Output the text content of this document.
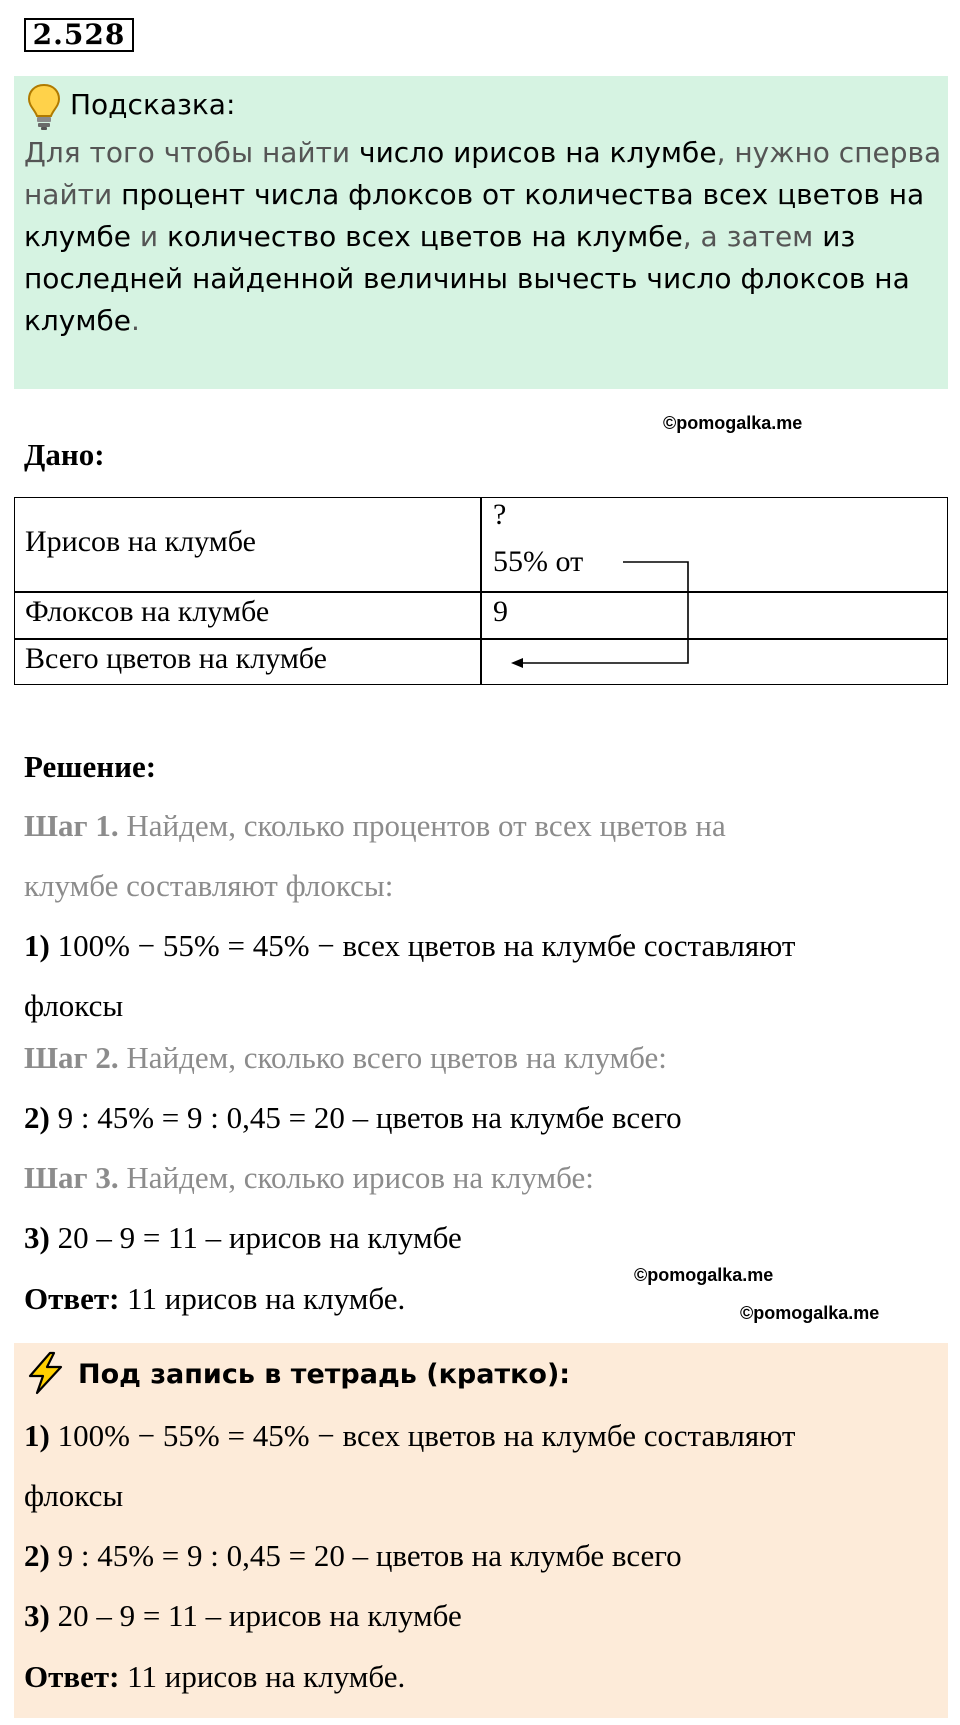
2.528
Подсказка:
Для того чтобы найти число ирисов на клумбе, нужно сперва найти процент числа флоксов от количества всех цветов на клумбе и количество всех цветов на клумбе, а затем из последней найденной величины вычесть число флоксов на клумбе.
©pomogalka.me
Дано:
Ирисов на клумбе
?
55% от
Флоксов на клумбе	9
Всего цветов на клумбе
Решение:
Шаг 1. Найдем, сколько процентов от всех цветов на
клумбе составляют флоксы:
1) 100% − 55% = 45% − всех цветов на клумбе составляют
флоксы
Шаг 2. Найдем, сколько всего цветов на клумбе:
2) 9 : 45% = 9 : 0,45 = 20 – цветов на клумбе всего
Шаг 3. Найдем, сколько ирисов на клумбе:
3) 20 – 9 = 11 – ирисов на клумбе
©pomogalka.me
Ответ: 11 ирисов на клумбе.	©pomogalka.me
Под запись в тетрадь (кратко):
1) 100% − 55% = 45% − всех цветов на клумбе составляют
флоксы
2) 9 : 45% = 9 : 0,45 = 20 – цветов на клумбе всего
3) 20 – 9 = 11 – ирисов на клумбе
Ответ: 11 ирисов на клумбе.
